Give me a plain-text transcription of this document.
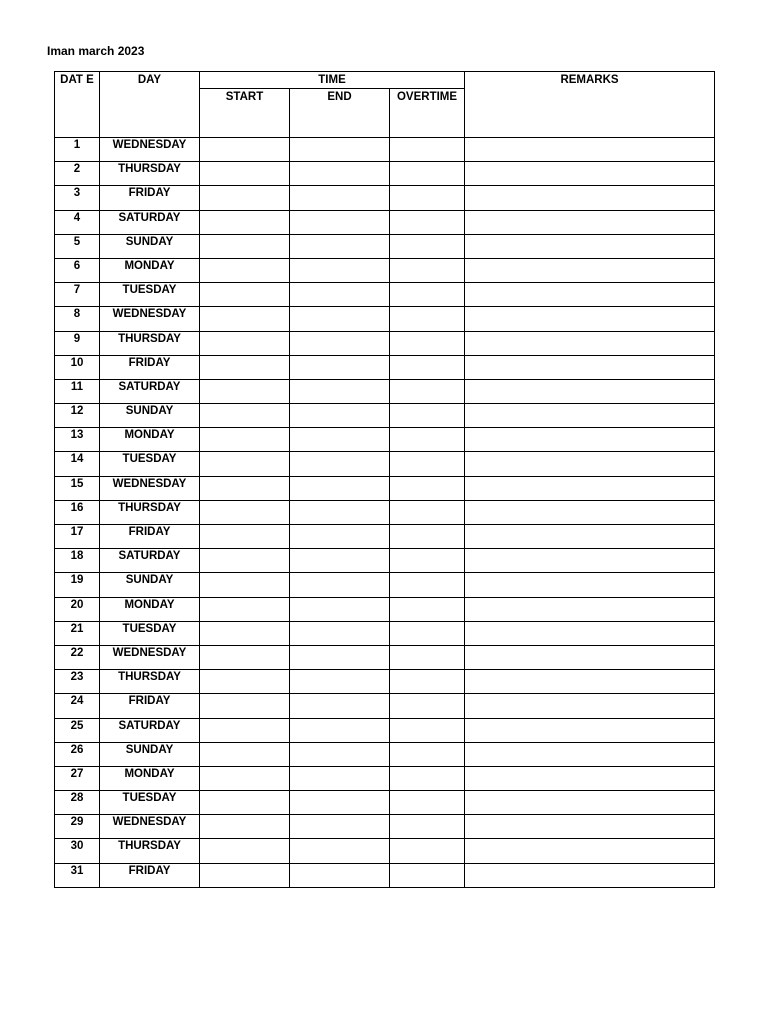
Iman march 2023
DAT E	DAY	TIME			REMARKS
		START	END	OVERTIME	
1	WEDNESDAY				
2	THURSDAY				
3	FRIDAY				
4	SATURDAY				
5	SUNDAY				
6	MONDAY				
7	TUESDAY				
8	WEDNESDAY				
9	THURSDAY				
10	FRIDAY				
11	SATURDAY				
12	SUNDAY				
13	MONDAY				
14	TUESDAY				
15	WEDNESDAY				
16	THURSDAY				
17	FRIDAY				
18	SATURDAY				
19	SUNDAY				
20	MONDAY				
21	TUESDAY				
22	WEDNESDAY				
23	THURSDAY				
24	FRIDAY				
25	SATURDAY				
26	SUNDAY				
27	MONDAY				
28	TUESDAY				
29	WEDNESDAY				
30	THURSDAY				
31	FRIDAY				
